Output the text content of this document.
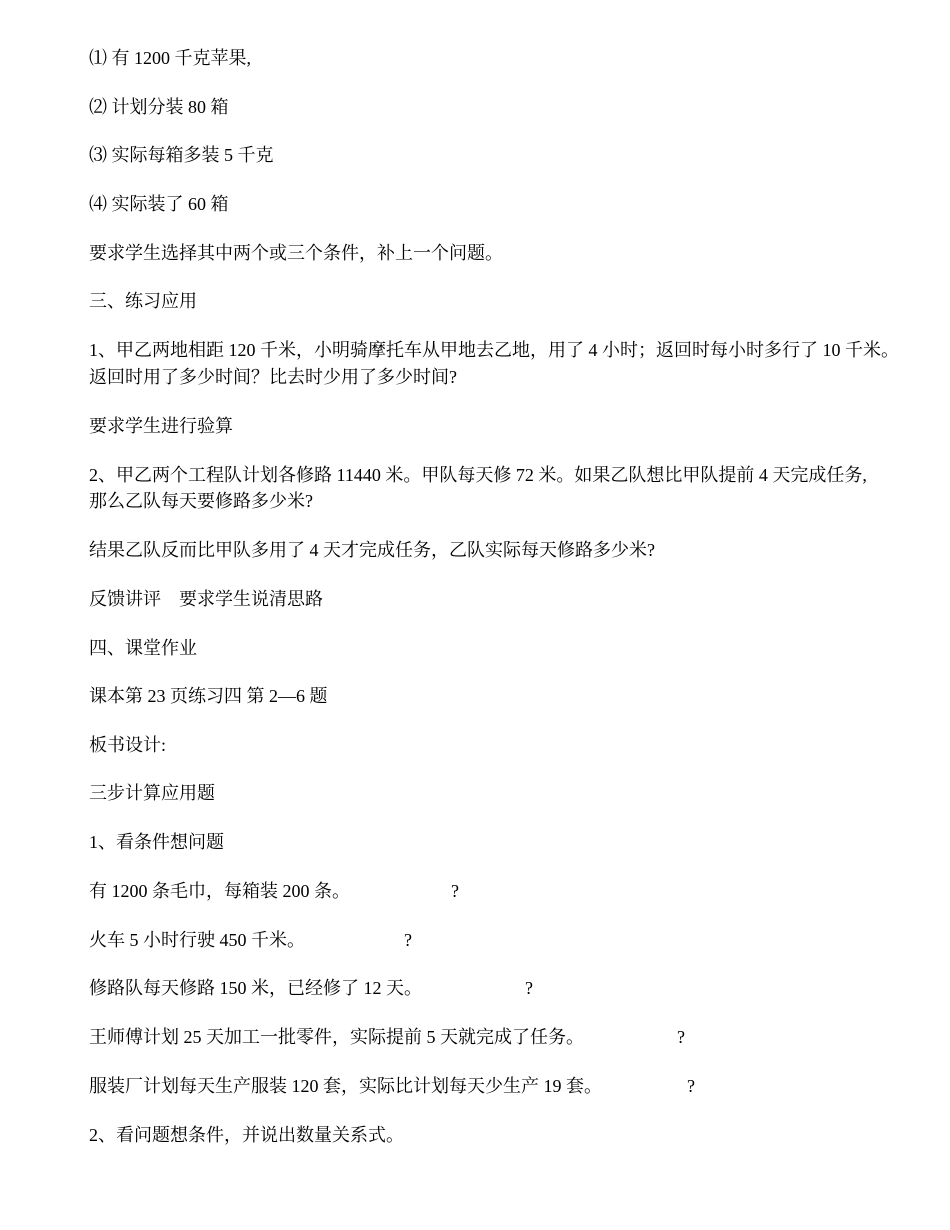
⑴ 有 1200 千克苹果,

⑵ 计划分装 80 箱

⑶ 实际每箱多装 5 千克

⑷ 实际装了 60 箱

要求学生选择其中两个或三个条件，补上一个问题。

三、练习应用

1、甲乙两地相距 120 千米，小明骑摩托车从甲地去乙地，用了 4 小时；返回时每小时多行了 10 千米。

返回时用了多少时间？比去时少用了多少时间?

要求学生进行验算

2、甲乙两个工程队计划各修路 11440 米。甲队每天修 72 米。如果乙队想比甲队提前 4 天完成任务,

那么乙队每天要修路多少米?

结果乙队反而比甲队多用了 4 天才完成任务，乙队实际每天修路多少米?

反馈讲评　要求学生说清思路

四、课堂作业

课本第 23 页练习四 第 2—6 题

板书设计:

三步计算应用题

1、看条件想问题

有 1200 条毛巾，每箱装 200 条。	?
火车 5 小时行驶 450 千米。	?
修路队每天修路 150 米，已经修了 12 天。	?
王师傅计划 25 天加工一批零件，实际提前 5 天就完成了任务。	?
服装厂计划每天生产服装 120 套，实际比计划每天少生产 19 套。	?

2、看问题想条件，并说出数量关系式。
